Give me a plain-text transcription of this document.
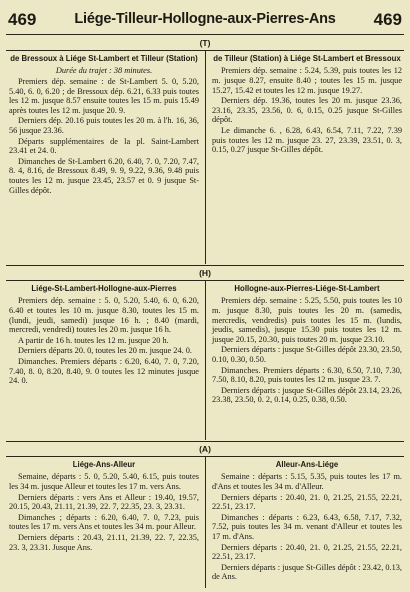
469	Liége-Tilleur-Hollogne-aux-Pierres-Ans	469
(T)
de Bressoux à Liége St-Lambert et Tilleur (Station)
Durée du trajet : 38 minutes.

Premiers dép. semaine : de St-Lambert 5. 0, 5.20, 5.40, 6. 0, 6.20 ; de Bressoux dép. 6.21, 6.33 puis toutes les 12 m. jusque 8.57 ensuite toutes les 15 m. puis 15.49 après toutes les 12 m. jusque 20. 9.

Derniers dép. 20.16 puis toutes les 20 m. à l'h. 16, 36, 56 jusque 23.36.

Départs supplémentaires de la pl. Saint-Lambert 23.41 et 24. 0.

Dimanches de St-Lambert 6.20, 6.40, 7. 0, 7.20, 7.47, 8. 4, 8.16, de Bressoux 8.49, 9. 9, 9.22, 9.36, 9.48 puis toutes les 12 m. jusque 23.45, 23.57 et 0. 9 jusque St-Gilles dépôt.

de Tilleur (Station) à Liége St-Lambert et Bressoux

Premiers dép. semaine : 5.24, 5.39, puis toutes les 12 m. jusque 8.27, ensuite 8.40 ; toutes les 15 m. jusque 15.27, 15.42 et toutes les 12 m. jusque 19.27.

Derniers dép. 19.36, toutes les 20 m. jusque 23.36, 23.16, 23.35, 23.56, 0. 6, 0.15, 0.25 jusque St-Gilles dépôt.

Le dimanche 6. , 6.28, 6.43, 6.54, 7.11, 7.22, 7.39 puis toutes les 12 m. jusque 23. 27, 23.39, 23.51, 0. 3, 0.15, 0.27 jusque St-Gilles dépôt.

(H)
Liége-St-Lambert-Hollogne-aux-Pierres

Premiers dép. semaine : 5. 0, 5.20, 5.40, 6. 0, 6.20, 6.40 et toutes les 10 m. jusque 8.30, toutes les 15 m. (lundi, jeudi, samedi) jusque 16 h. ; 8.40 (mardi, mercredi, vendredi) toutes les 20 m. jusque 16 h.

A partir de 16 h. toutes les 12 m. jusque 20 h.

Derniers départs 20. 0, toutes les 20 m. jusque 24. 0.

Dimanches. Premiers départs : 6.20, 6.40, 7. 0, 7.20, 7.40, 8. 0, 8.20, 8.40, 9. 0 toutes les 12 minutes jusque 24. 0.

Hollogne-aux-Pierres-Liége-St-Lambert

Premiers dép. semaine : 5.25, 5.50, puis toutes les 10 m. jusque 8.30, puis toutes les 20 m. (samedis, mercredis, vendredis) puis toutes les 15 m. (lundis, jeudis, samedis), jusque 15.30 puis toutes les 12 m. jusque 20.15, 20.30, puis toutes 20 m. jusque 23.10.

Derniers départs : jusque St-Gilles dépôt 23.30, 23.50, 0.10, 0.30, 0.50.

Dimanches. Premiers départs : 6.30, 6.50, 7.10, 7.30, 7.50, 8.10, 8.20, puis toutes les 12 m. jusque 23. 7.

Derniers départs : jusque St-Gilles dépôt 23.14, 23.26, 23.38, 23.50, 0. 2, 0.14, 0.25, 0.38, 0.50.

(A)
Liége-Ans-Alleur

Semaine, départs : 5. 0, 5.20, 5.40, 6.15, puis toutes les 34 m. jusque Alleur et toutes les 17 m. vers Ans.

Derniers départs : vers Ans et Alleur : 19.40, 19.57, 20.15, 20.43, 21.11, 21.39, 22. 7, 22.35, 23. 3, 23.31.

Dimanches ; départs : 6.20, 6.40, 7. 0, 7.23, puis toutes les 17 m. vers Ans et toutes les 34 m. pour Alleur.

Derniers départs : 20.43, 21.11, 21.39, 22. 7, 22.35, 23. 3, 23.31. Jusque Ans.

Alleur-Ans-Liége

Semaine : départs : 5.15, 5.35, puis toutes les 17 m. d'Ans et toutes les 34 m. d'Alleur.

Derniers départs : 20.40, 21. 0, 21.25, 21.55, 22.21, 22.51, 23.17.

Dimanches : départs : 6.23, 6.43, 6.58, 7.17, 7.32, 7.52, puis toutes les 34 m. venant d'Alleur et toutes les 17 m. d'Ans.

Derniers départs : 20.40, 21. 0, 21.25, 21.55, 22.21, 22.51, 23.17.

Derniers départs : jusque St-Gilles dépôt : 23.42, 0.13, de Ans.
